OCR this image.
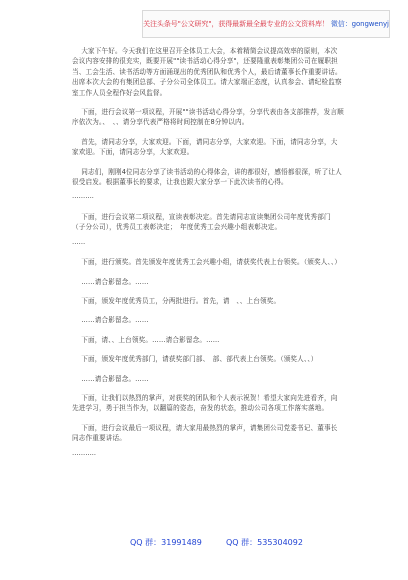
关注头条号"公文研究"，获得最新最全最专业的公文资料库！ 微信：gongwenyj

大家下午好。今天我们在这里召开全体员工大会，本着精简会议提高效率的原则，本次会议内容安排的很充实，既要开展""读书活动心得分享"，还要隆重表彰集团公司在履职担当、工会生活、读书活动等方面涌现出的优秀团队和优秀个人，最后请董事长作重要讲话。出席本次大会的有集团总部、子分公司全体员工。请大家端正态度，认真参会、请纪检监察室工作人员全程作好会风监督。

下面，进行会议第一项议程，开展""读书活动心得分享，分享代表由各支部推荐，发言顺序依次为。、　、、请分享代表严格将时间控制在8分钟以内。

首先，请同志分享，大家欢迎。下面，请同志分享，大家欢迎。下面，请同志分享，大家欢迎。下面，请同志分享，大家欢迎。

同志们，刚刚4位同志分享了读书活动的心得体会，讲的都很好，感悟都很深，听了让人很受启发。根据董事长的要求，让我也跟大家分享一下此次读书的心得。

……….

下面，进行会议第二项议程，宣读表彰决定。首先请同志宣读集团公司年度优秀部门（子分公司），优秀员工表彰决定；　年度优秀工会兴趣小组表彰决定。

……

下面，进行颁奖。首先颁发年度优秀工会兴趣小组，请获奖代表上台领奖。（颁奖人、、）

……请合影留念。……

下面，颁发年度优秀员工，分两批进行。首先，请　、、上台领奖。

……请合影留念。……

下面，请、、上台领奖。……请合影留念。……

下面，颁发年度优秀部门，请获奖部门部、　部、部代表上台领奖。（颁奖人、、）

……请合影留念。……

下面，让我们以热烈的掌声，对获奖的团队和个人表示祝贺！希望大家向先进看齐，向先进学习，勇于担当作为，以翻篇的姿态，奋发的状态，推动公司各项工作落实落地。

下面，进行会议最后一项议程，请大家用最热烈的掌声，请集团公司党委书记、董事长同志作重要讲话。

………..

QQ 群：31991489	QQ 群：535304092
